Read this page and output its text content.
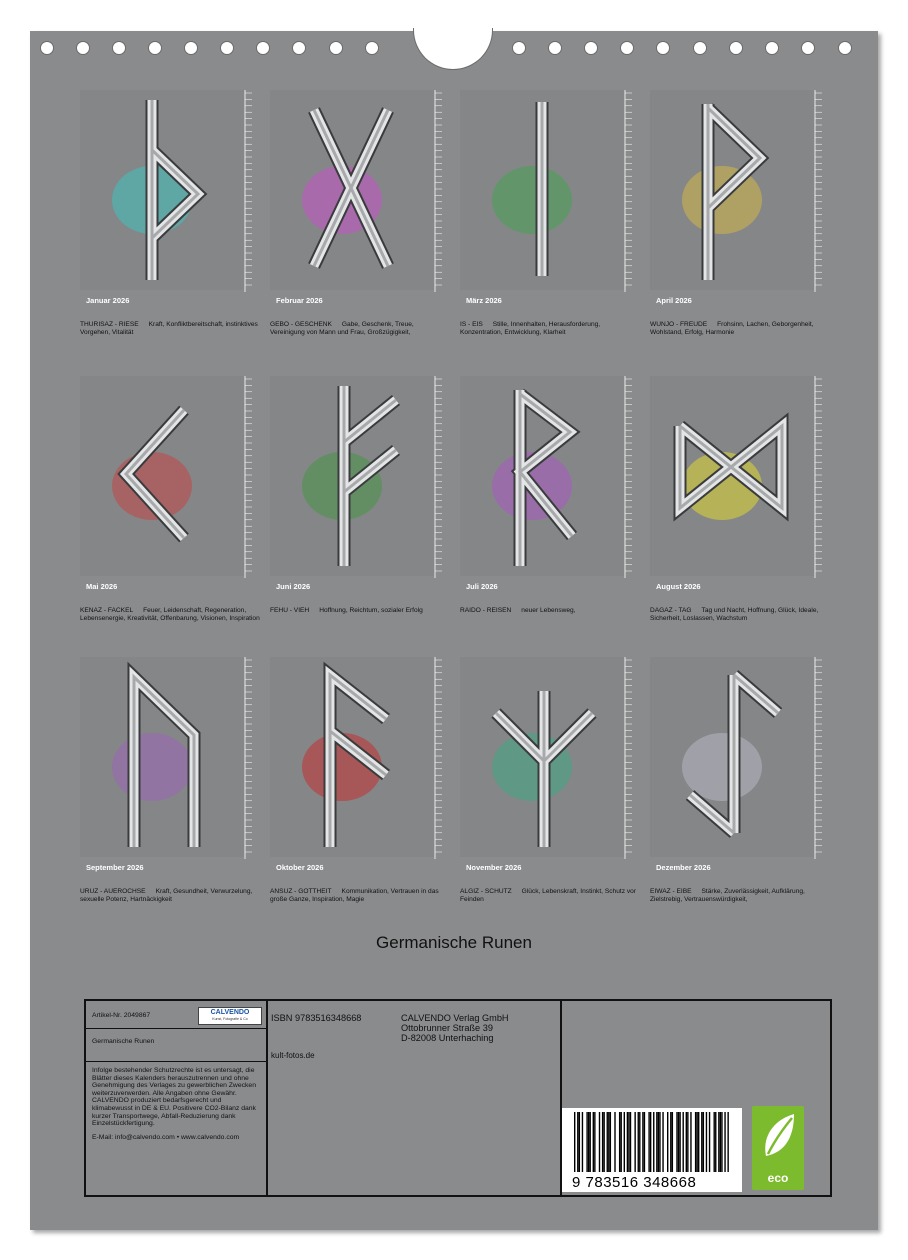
Januar 2026
THURISAZ - RIESE Kraft, Konfliktbereitschaft, instinktives Vorgehen, Vitalität
Februar 2026
GEBO - GESCHENK Gabe, Geschenk, Treue, Vereinigung von Mann und Frau, Großzügigkeit,
März 2026
IS - EIS Stille, Innenhalten, Herausforderung, Konzentration, Entwicklung, Klarheit
April 2026
WUNJO - FREUDE Frohsinn, Lachen, Geborgenheit, Wohlstand, Erfolg, Harmonie
Mai 2026
KENAZ - FACKEL Feuer, Leidenschaft, Regeneration, Lebensenergie, Kreativität, Offenbarung, Visionen, Inspiration
Juni 2026
FEHU - VIEH Hoffnung, Reichtum, sozialer Erfolg
Juli 2026
RAIDO - REISEN neuer Lebensweg,
August 2026
DAGAZ - TAG Tag und Nacht, Hoffnung, Glück, Ideale, Sicherheit, Loslassen, Wachstum
September 2026
URUZ - AUEROCHSE Kraft, Gesundheit, Verwurzelung, sexuelle Potenz, Hartnäckigkeit
Oktober 2026
ANSUZ - GOTTHEIT Kommunikation, Vertrauen in das große Ganze, Inspiration, Magie
November 2026
ALGIZ - SCHUTZ Glück, Lebenskraft, Instinkt, Schutz vor Feinden
Dezember 2026
EIWAZ - EIBE Stärke, Zuverlässigkeit, Aufklärung, Zielstrebig, Vertrauenswürdigkeit,
Germanische Runen
Artikel-Nr. 2049867	CALVENDO
Kunst, Fotografie & Co
Germanische Runen
Infolge bestehender Schutzrechte ist es untersagt, die Blätter dieses Kalenders herauszutrennen und ohne Genehmigung des Verlages zu gewerblichen Zwecken weiterzuverwerden. Alle Angaben ohne Gewähr. CALVENDO produziert bedarfsgerecht und klimabewusst in DE & EU. Positivere CO2-Bilanz dank kurzer Transportwege, Abfall-Reduzierung dank Einzelstückfertigung.
E-Mail: info@calvendo.com • www.calvendo.com
ISBN 9783516348668
kult-fotos.de
CALVENDO Verlag GmbH
Ottobrunner Straße 39
D-82008 Unterhaching
9 783516 348668	eco
